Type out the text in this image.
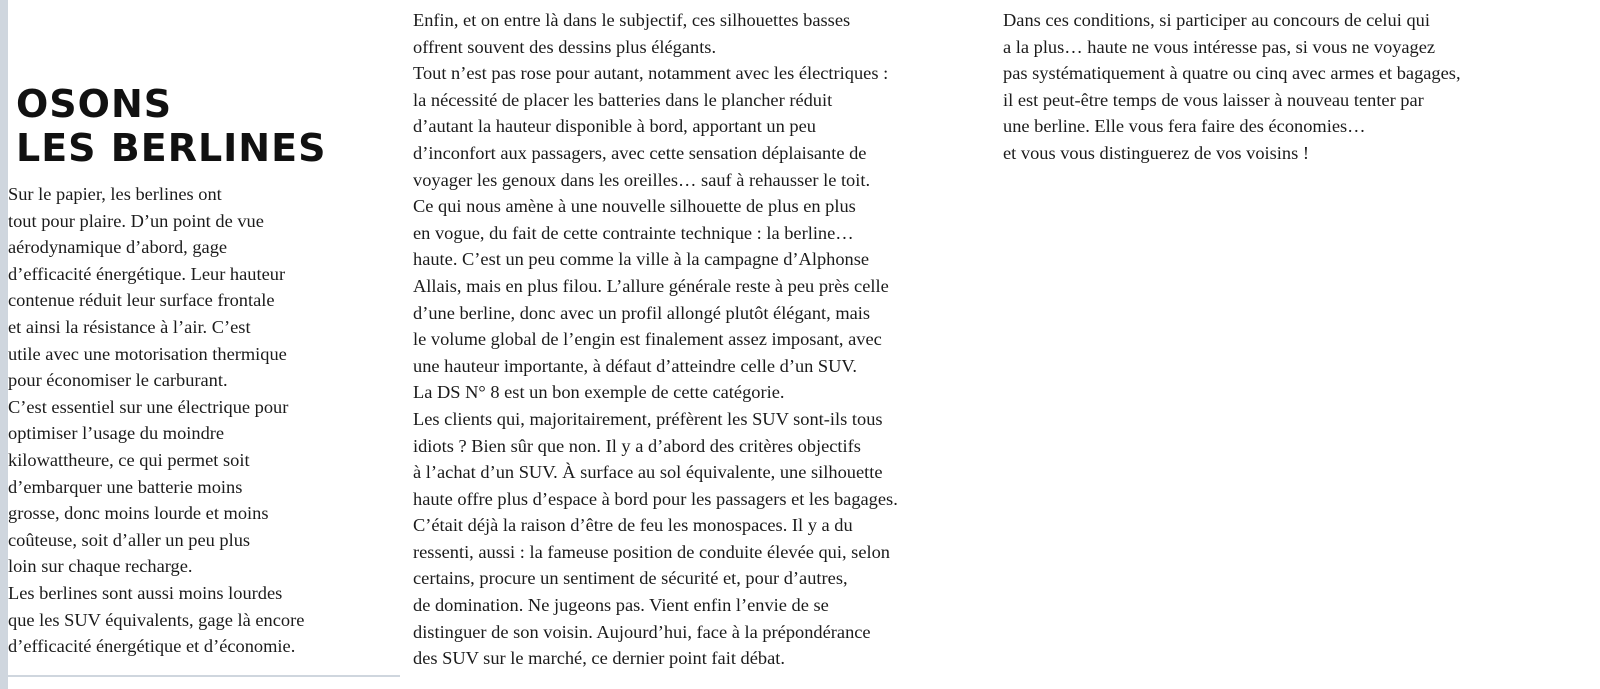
OSONS
LES BERLINES
Sur le papier, les berlines ont
tout pour plaire. D’un point de vue
aérodynamique d’abord, gage
d’efficacité énergétique. Leur hauteur
contenue réduit leur surface frontale
et ainsi la résistance à l’air. C’est
utile avec une motorisation thermique
pour économiser le carburant.
C’est essentiel sur une électrique pour
optimiser l’usage du moindre
kilowattheure, ce qui permet soit
d’embarquer une batterie moins
grosse, donc moins lourde et moins
coûteuse, soit d’aller un peu plus
loin sur chaque recharge.
Les berlines sont aussi moins lourdes
que les SUV équivalents, gage là encore
d’efficacité énergétique et d’économie.
Enfin, et on entre là dans le subjectif, ces silhouettes basses
offrent souvent des dessins plus élégants.
Tout n’est pas rose pour autant, notamment avec les électriques :
la nécessité de placer les batteries dans le plancher réduit
d’autant la hauteur disponible à bord, apportant un peu
d’inconfort aux passagers, avec cette sensation déplaisante de
voyager les genoux dans les oreilles… sauf à rehausser le toit.
Ce qui nous amène à une nouvelle silhouette de plus en plus
en vogue, du fait de cette contrainte technique : la berline…
haute. C’est un peu comme la ville à la campagne d’Alphonse
Allais, mais en plus filou. L’allure générale reste à peu près celle
d’une berline, donc avec un profil allongé plutôt élégant, mais
le volume global de l’engin est finalement assez imposant, avec
une hauteur importante, à défaut d’atteindre celle d’un SUV.
La DS N° 8 est un bon exemple de cette catégorie.
Les clients qui, majoritairement, préfèrent les SUV sont-ils tous
idiots ? Bien sûr que non. Il y a d’abord des critères objectifs
à l’achat d’un SUV. À surface au sol équivalente, une silhouette
haute offre plus d’espace à bord pour les passagers et les bagages.
C’était déjà la raison d’être de feu les monospaces. Il y a du
ressenti, aussi : la fameuse position de conduite élevée qui, selon
certains, procure un sentiment de sécurité et, pour d’autres,
de domination. Ne jugeons pas. Vient enfin l’envie de se
distinguer de son voisin. Aujourd’hui, face à la prépondérance
des SUV sur le marché, ce dernier point fait débat.
Dans ces conditions, si participer au concours de celui qui
a la plus… haute ne vous intéresse pas, si vous ne voyagez
pas systématiquement à quatre ou cinq avec armes et bagages,
il est peut-être temps de vous laisser à nouveau tenter par
une berline. Elle vous fera faire des économies…
et vous vous distinguerez de vos voisins !
